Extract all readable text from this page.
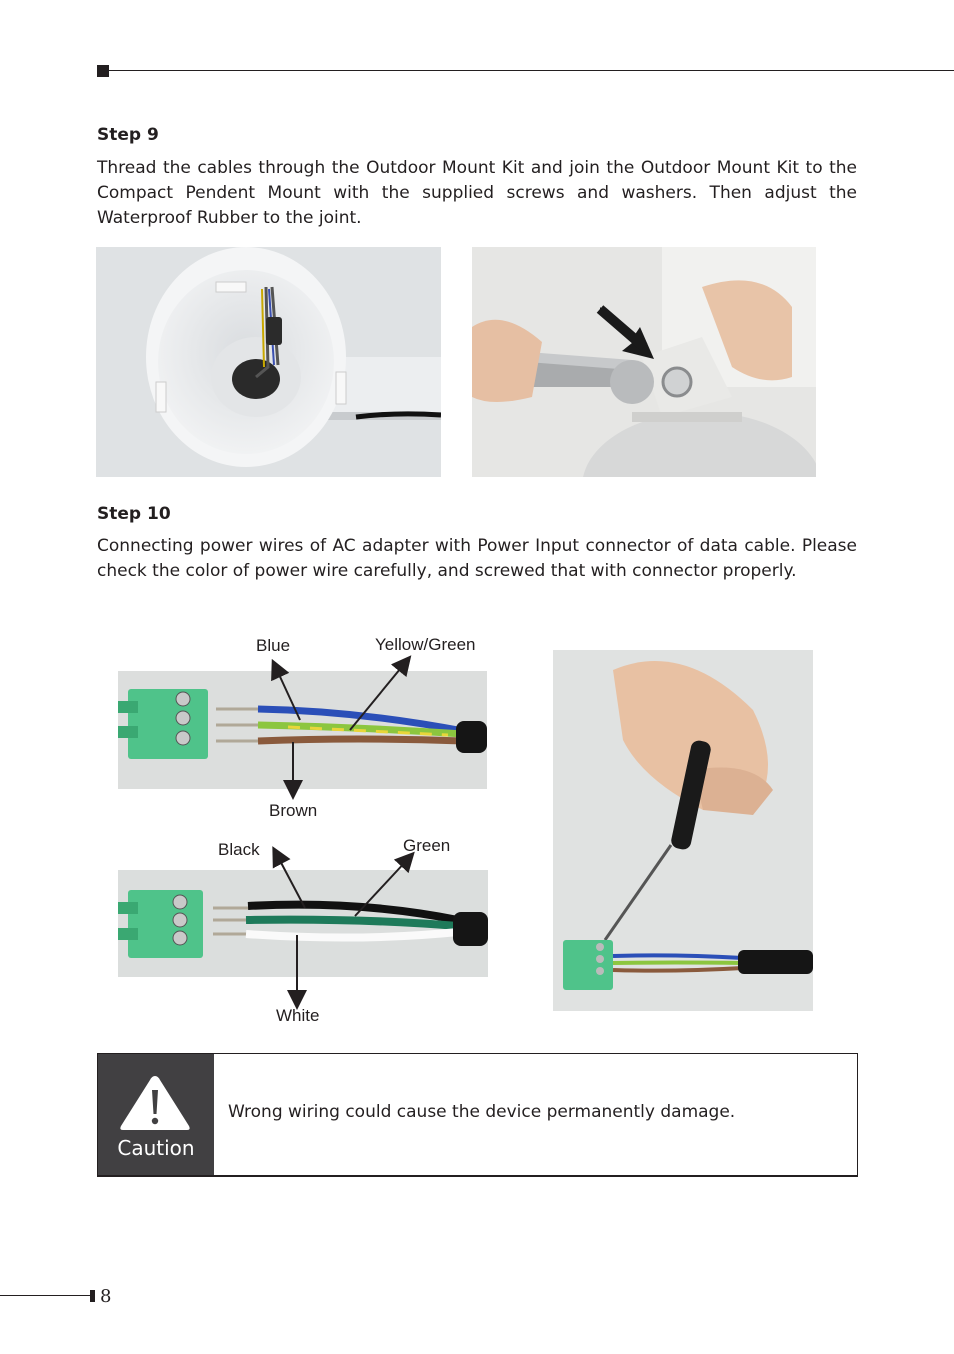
Step 9
Thread the cables through the Outdoor Mount Kit and join the Outdoor Mount Kit to the Compact Pendent Mount with the supplied screws and washers. Then adjust the Waterproof Rubber to the joint.
Step 10
Connecting power wires of AC adapter with Power Input connector of data cable. Please check the color of power wire carefully, and screwed that with connector properly.
Blue	Yellow/Green
Brown
Black	Green
White
Caution
Wrong wiring could cause the device permanently damage.
8
